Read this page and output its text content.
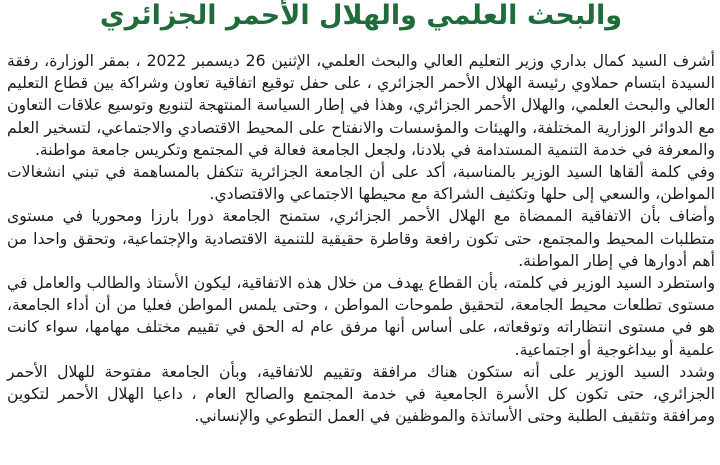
والبحث العلمي والهلال الأحمر الجزائري

أشرف السيد كمال بداري وزير التعليم العالي والبحث العلمي، الإثنين 26 ديسمبر 2022 ، بمقر الوزارة، رفقة السيدة ابتسام حملاوي رئيسة الهلال الأحمر الجزائري ، على حفل توقيع اتفاقية تعاون وشراكة بين قطاع التعليم العالي والبحث العلمي، والهلال الأحمر الجزائري، وهذا في إطار السياسة المنتهجة لتنويع وتوسيع علاقات التعاون مع الدوائر الوزارية المختلفة، والهيئات والمؤسسات والانفتاح على المحيط الاقتصادي والاجتماعي، لتسخير العلم والمعرفة في خدمة التنمية المستدامة في بلادنا، ولجعل الجامعة فعالة في المجتمع وتكريس جامعة مواطنة.

وفي كلمة ألقاها السيد الوزير بالمناسبة، أكد على أن الجامعة الجزائرية تتكفل بالمساهمة في تبني انشغالات المواطن، والسعي إلى حلها وتكثيف الشراكة مع محيطها الاجتماعي والاقتصادي.

وأضاف بأن الاتفاقية الممضاة مع الهلال الأحمر الجزائري، ستمنح الجامعة دورا بارزا ومحوريا في مستوى متطلبات المحيط والمجتمع، حتى تكون رافعة وقاطرة حقيقية للتنمية الاقتصادية والإجتماعية، وتحقق واحدا من أهم أدوارها في إطار المواطنة.

واستطرد السيد الوزير في كلمته، بأن القطاع يهدف من خلال هذه الاتفاقية، ليكون الأستاذ والطالب والعامل في مستوى تطلعات محيط الجامعة، لتحقيق طموحات المواطن ، وحتى يلمس المواطن فعليا من أن أداء الجامعة، هو في مستوى انتظاراته وتوقعاته، على أساس أنها مرفق عام له الحق في تقييم مختلف مهامها، سواء كانت علمية أو بيداغوجية أو اجتماعية.

وشدد السيد الوزير على أنه ستكون هناك مرافقة وتقييم للاتفاقية، وبأن الجامعة مفتوحة للهلال الأحمر الجزائري، حتى تكون كل الأسرة الجامعية في خدمة المجتمع والصالح العام ، داعيا الهلال الأحمر لتكوين ومرافقة وتثقيف الطلبة وحتى الأساتذة والموظفين في العمل التطوعي والإنساني.
